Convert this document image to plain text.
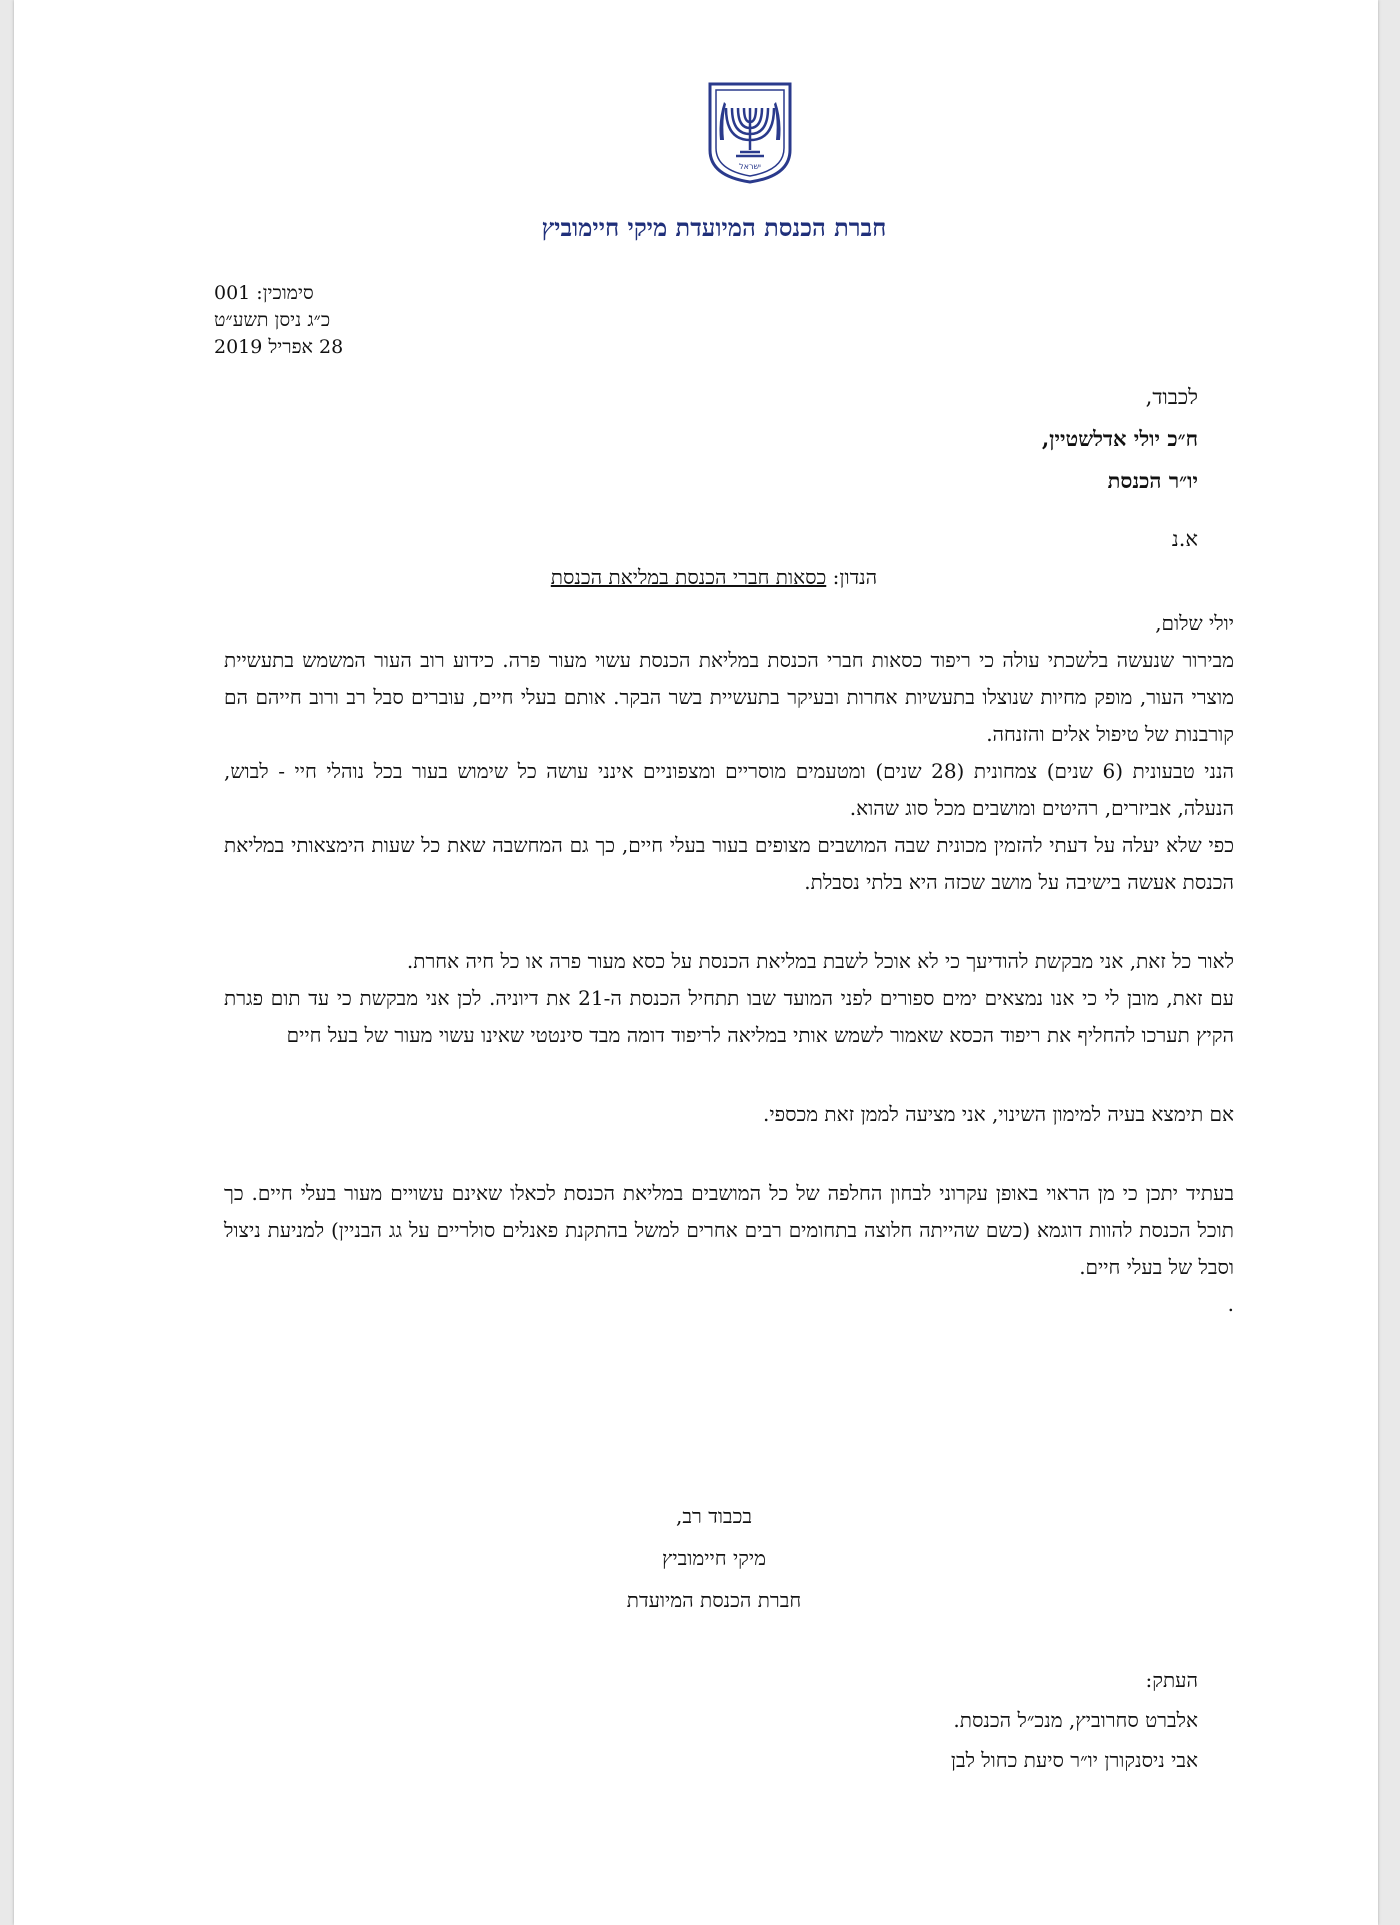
ישראל
חברת הכנסת המיועדת מיקי חיימוביץ
סימוכין: 001
כ״ג ניסן תשע״ט
28 אפריל 2019
לכבוד,
ח״כ יולי אדלשטיין,
יו״ר הכנסת
א.נ
הנדון: כסאות חברי הכנסת במליאת הכנסת

יולי שלום,

מבירור שנעשה בלשכתי עולה כי ריפוד כסאות חברי הכנסת במליאת הכנסת עשוי מעור פרה. כידוע רוב העור המשמש בתעשיית מוצרי העור, מופק מחיות שנוצלו בתעשיות אחרות ובעיקר בתעשיית בשר הבקר. אותם בעלי חיים, עוברים סבל רב ורוב חייהם הם קורבנות של טיפול אלים והזנחה.

הנני טבעונית (6 שנים) צמחונית (28 שנים) ומטעמים מוסריים ומצפוניים אינני עושה כל שימוש בעור בכל נוהלי חיי - לבוש, הנעלה, אביזרים, רהיטים ומושבים מכל סוג שהוא.

כפי שלא יעלה על דעתי להזמין מכונית שבה המושבים מצופים בעור בעלי חיים, כך גם המחשבה שאת כל שעות הימצאותי במליאת הכנסת אעשה בישיבה על מושב שכזה היא בלתי נסבלת.

לאור כל זאת, אני מבקשת להודיעך כי לא אוכל לשבת במליאת הכנסת על כסא מעור פרה או כל חיה אחרת.

עם זאת, מובן לי כי אנו נמצאים ימים ספורים לפני המועד שבו תתחיל הכנסת ה-21 את דיוניה. לכן אני מבקשת כי עד תום פגרת הקיץ תערכו להחליף את ריפוד הכסא שאמור לשמש אותי במליאה לריפוד דומה מבד סינטטי שאינו עשוי מעור של בעל חיים

אם תימצא בעיה למימון השינוי, אני מציעה לממן זאת מכספי.

בעתיד יתכן כי מן הראוי באופן עקרוני לבחון החלפה של כל המושבים במליאת הכנסת לכאלו שאינם עשויים מעור בעלי חיים. כך תוכל הכנסת להוות דוגמא (כשם שהייתה חלוצה בתחומים רבים אחרים למשל בהתקנת פאנלים סולריים על גג הבניין) למניעת ניצול וסבל של בעלי חיים.

.

בכבוד רב,
מיקי חיימוביץ
חברת הכנסת המיועדת
העתק:
אלברט סחרוביץ, מנכ״ל הכנסת.
אבי ניסנקורן יו״ר סיעת כחול לבן
